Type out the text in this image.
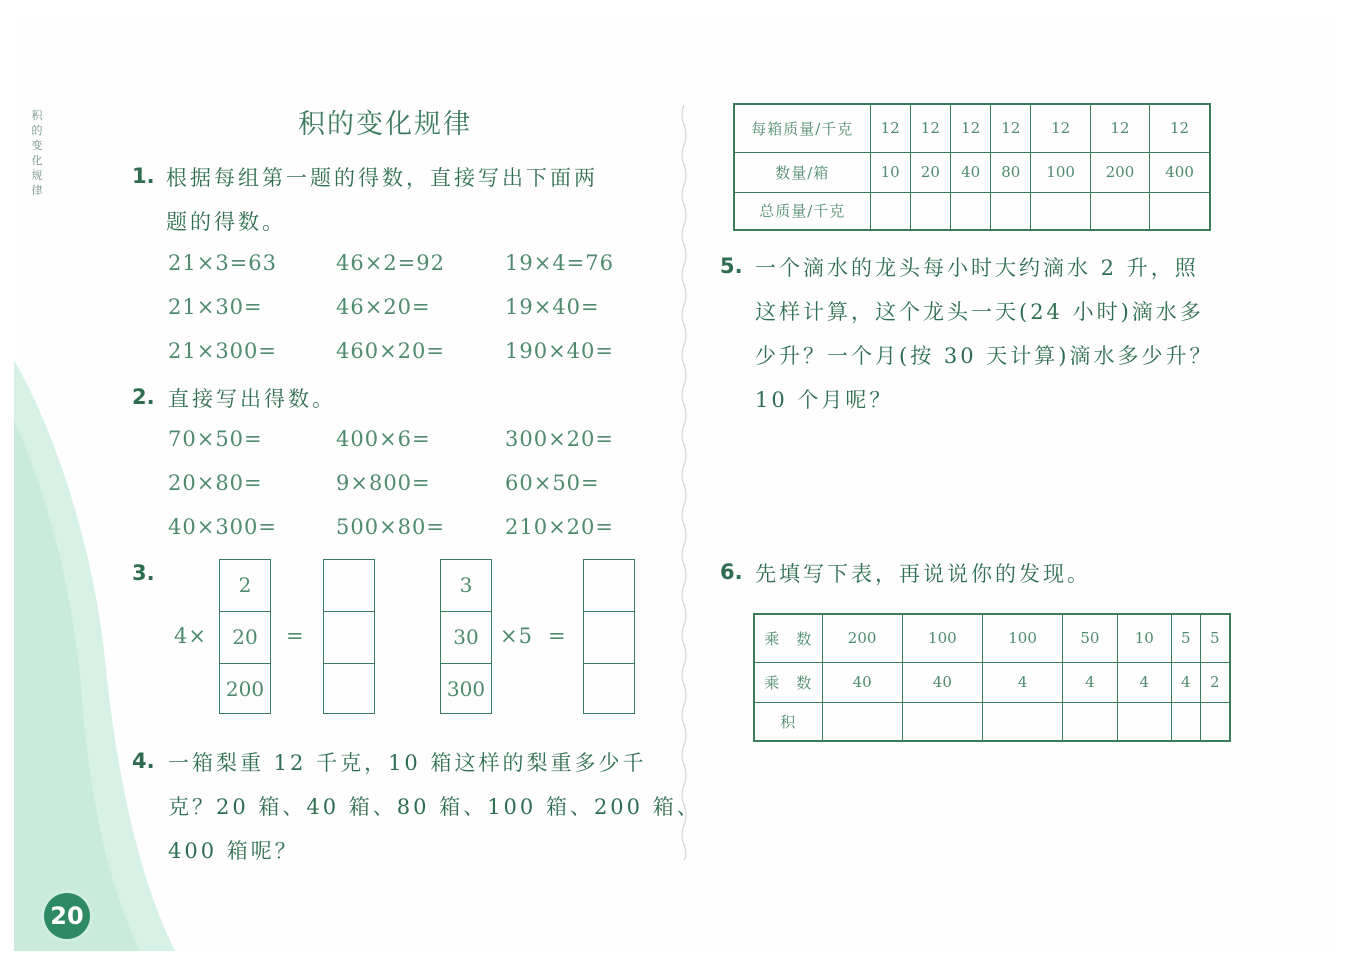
积的变化规律
积的变化规律
1. 根据每组第一题的得数，直接写出下面两
题的得数。
21×3=63	46×2=92	19×4=76
21×30=	46×20=	19×40=
21×300=	460×20=	190×40=
2. 直接写出得数。
70×50=	400×6=	300×20=
20×80=	9×800=	60×50=
40×300=	500×80=	210×20=
3.
4×
2
20
200
=
3
30
300
×5 =
4. 一箱梨重 12 千克，10 箱这样的梨重多少千
克？20 箱、40 箱、80 箱、100 箱、200 箱、
400 箱呢？
每箱质量/千克	12	12	12	12	12	12	12
数量/箱	10	20	40	80	100	200	400
总质量/千克							
5. 一个滴水的龙头每小时大约滴水 2 升，照
这样计算，这个龙头一天(24 小时)滴水多
少升？一个月(按 30 天计算)滴水多少升？
10 个月呢？
6. 先填写下表，再说说你的发现。
乘　数	200	100	100	50	10	5	5
乘　数	40	40	4	4	4	4	2
积							
20
